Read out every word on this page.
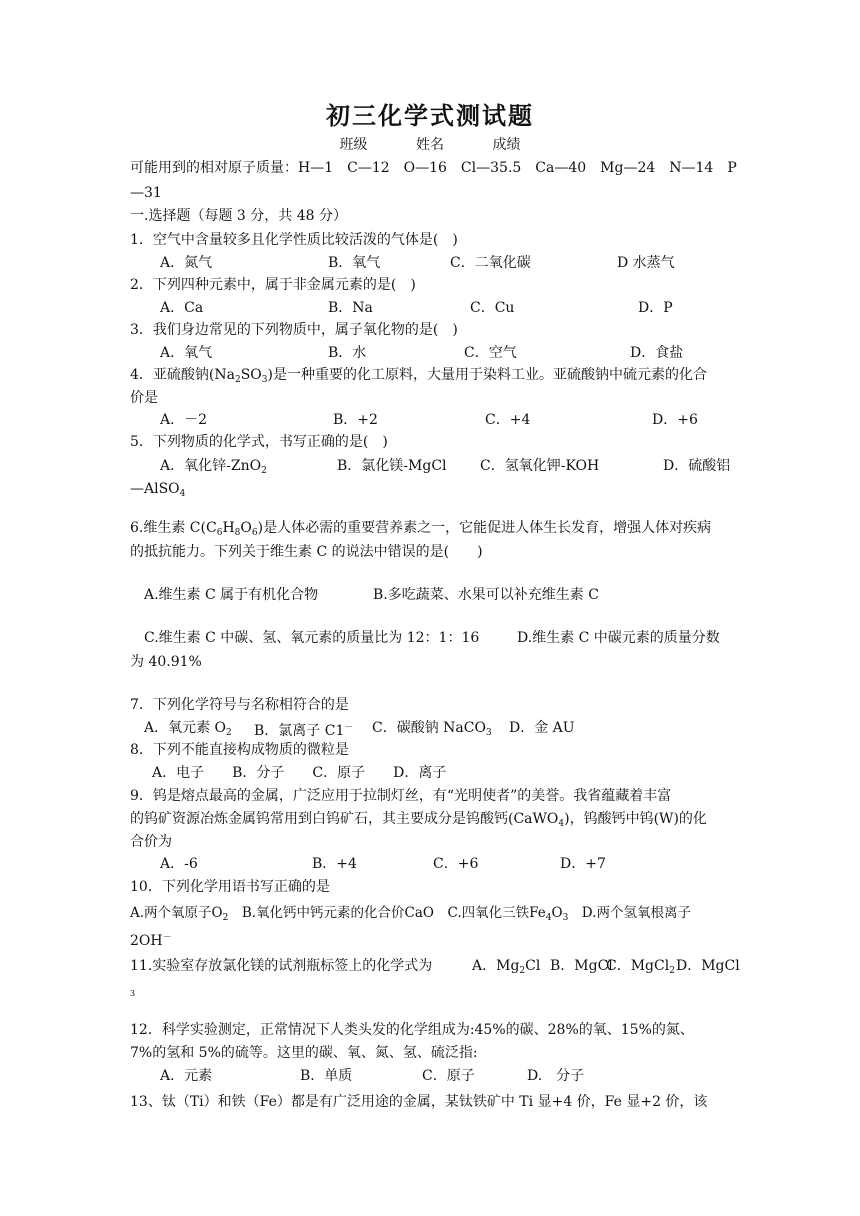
初三化学式测试题
班级	姓名	成绩
可能用到的相对原子质量：H—1　C—12　O—16　Cl—35.5　Ca—40　Mg—24　N—14　P
—31
一.选择题（每题 3 分，共 48 分）
1．空气中含量较多且化学性质比较活泼的气体是(　)
A．氮气	B．氧气	C．二氧化碳	D 水蒸气
2．下列四种元素中，属于非金属元素的是(　)
A．Ca	B．Na	C．Cu	D．P
3．我们身边常见的下列物质中，属子氧化物的是(　)
A．氧气	B．水	C．空气	D．食盐
4．亚硫酸钠$(Na_2SO_3)$是一种重要的化工原料，大量用于染料工业。亚硫酸钠中硫元素的化合
价是
A．－2	B．+2	C．+4	D．+6
5．下列物质的化学式，书写正确的是(　)
A．氧化锌-ZnO$_2$	B．氯化镁-MgCl C．氢氧化钾-KOH	D．硫酸铝
—AlSO$_4$
6.维生素 $C(C_6H_8O_6)$是人体必需的重要营养素之一，它能促进人体生长发育，增强人体对疾病
的抵抗能力。下列关于维生素 C 的说法中错误的是(　　)
A.维生素 C 属于有机化合物	B.多吃蔬菜、水果可以补充维生素 C
C.维生素 C 中碳、氢、氧元素的质量比为 12：1：16	D.维生素 C 中碳元素的质量分数
为 40.91%
7．下列化学符号与名称相符合的是
A．氧元素 $O_2$ B．氯离子 C1－ C．碳酸钠 NaCO$_3$ D．金 AU
8．下列不能直接构成物质的微粒是
A．电子　　B．分子　　C．原子　　D．离子
9．钨是熔点最高的金属，广泛应用于拉制灯丝，有“光明使者”的美誉。我省蕴藏着丰富
的钨矿资源冶炼金属钨常用到白钨矿石，其主要成分是钨酸钙(CaWO$_4$)，钨酸钙中钨(W)的化
合价为
A．-6	B．+4	C．+6	D．+7
10．下列化学用语书写正确的是
A.两个氧原子$O_2$　B.氧化钙中钙元素的化合价CaO　C.四氧化三铁$Fe_4O_3$　D.两个氢氧根离子
2OH－
11.实验室存放氯化镁的试剂瓶标签上的化学式为	A．$Mg_2Cl$ B．MgCl
C．MgCl$_2$ D．MgCl
3
12．科学实验测定，正常情况下人类头发的化学组成为:45%的碳、28%的氧、15%的氮、
7%的氢和 5%的硫等。这里的碳、氧、氮、氢、硫泛指:
A．元素	B．单质	C．原子	D.　分子
13、钛（Ti）和铁（Fe）都是有广泛用途的金属，某钛铁矿中 Ti 显+4 价，Fe 显+2 价，该
